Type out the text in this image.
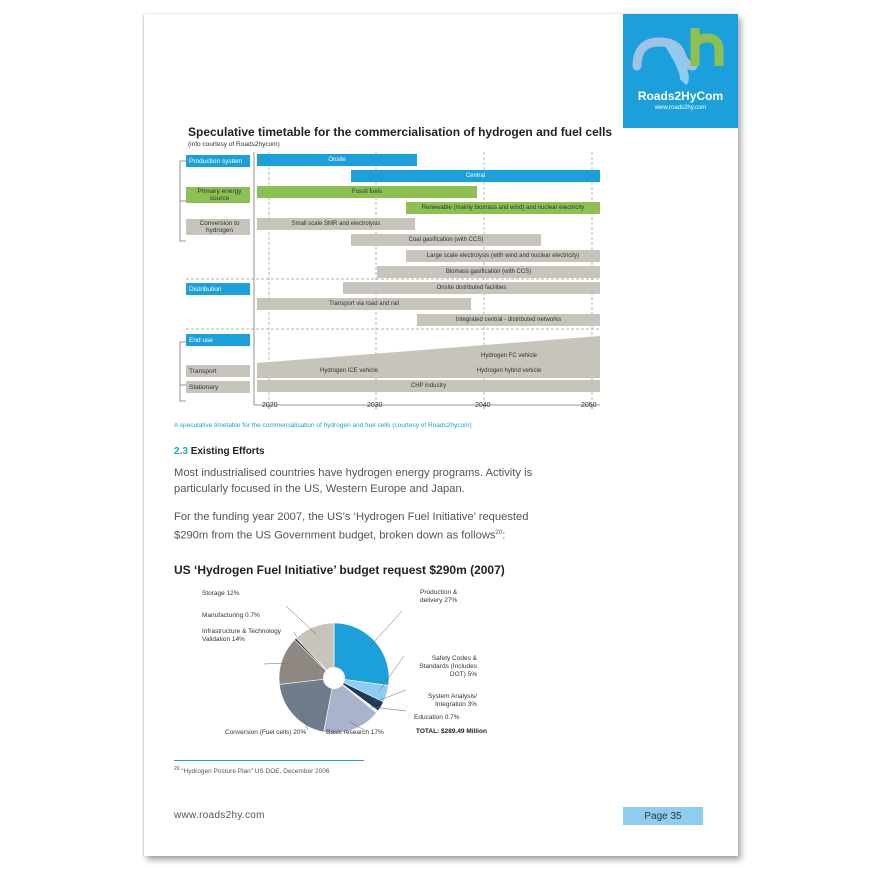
Roads2HyCom
www.roads2hy.com
Speculative timetable for the commercialisation of hydrogen and fuel cells
(info courtesy of Roads2hycom)
Production system
Primary energy source
Conversion to hydrogen
Distribution
End use
Transport
Stationary
Onsite
Central
Fossil fuels
Renewable (mainly biomass and wind) and nuclear electricity
Small scale SMR and electrolysis
Coal gasification (with CCS)
Large scale electrolysis (with wind and nuclear electricity)
Biomass gasification (with CCS)
Onsite distributed facilities
Transport via road and rail
Integrated central - distributed networks
Hydrogen FC vehicle
Hydrogen ICE vehicle	Hydrogen hybrid vehicle
CHP industry
2020	2030	2040	2050
A speculative timetable for the commercialisation of hydrogen and fuel cells (courtesy of Roads2hycom)
2.3 Existing Efforts
Most industrialised countries have hydrogen energy programs. Activity is particularly focused in the US, Western Europe and Japan.
For the funding year 2007, the US’s ‘Hydrogen Fuel Initiative’ requested $290m from the US Government budget, broken down as follows$^{20}$:
US ‘Hydrogen Fuel Initiative’ budget request $290m (2007)
Storage 12%
Manufacturing 0.7%
Infrastructure & Technology Validation 14%
Production & delivery 27%
Safety Codes & Standards (Includes DOT) 5%
System Analysis/ Integration 3%
Education 0.7%
Basic research 17%
Conversion (Fuel cells) 20%	TOTAL: $289.49 Million
$^{20}$ “Hydrogen Posture Plan” US DOE, December 2006
www.roads2hy.com	Page 35
